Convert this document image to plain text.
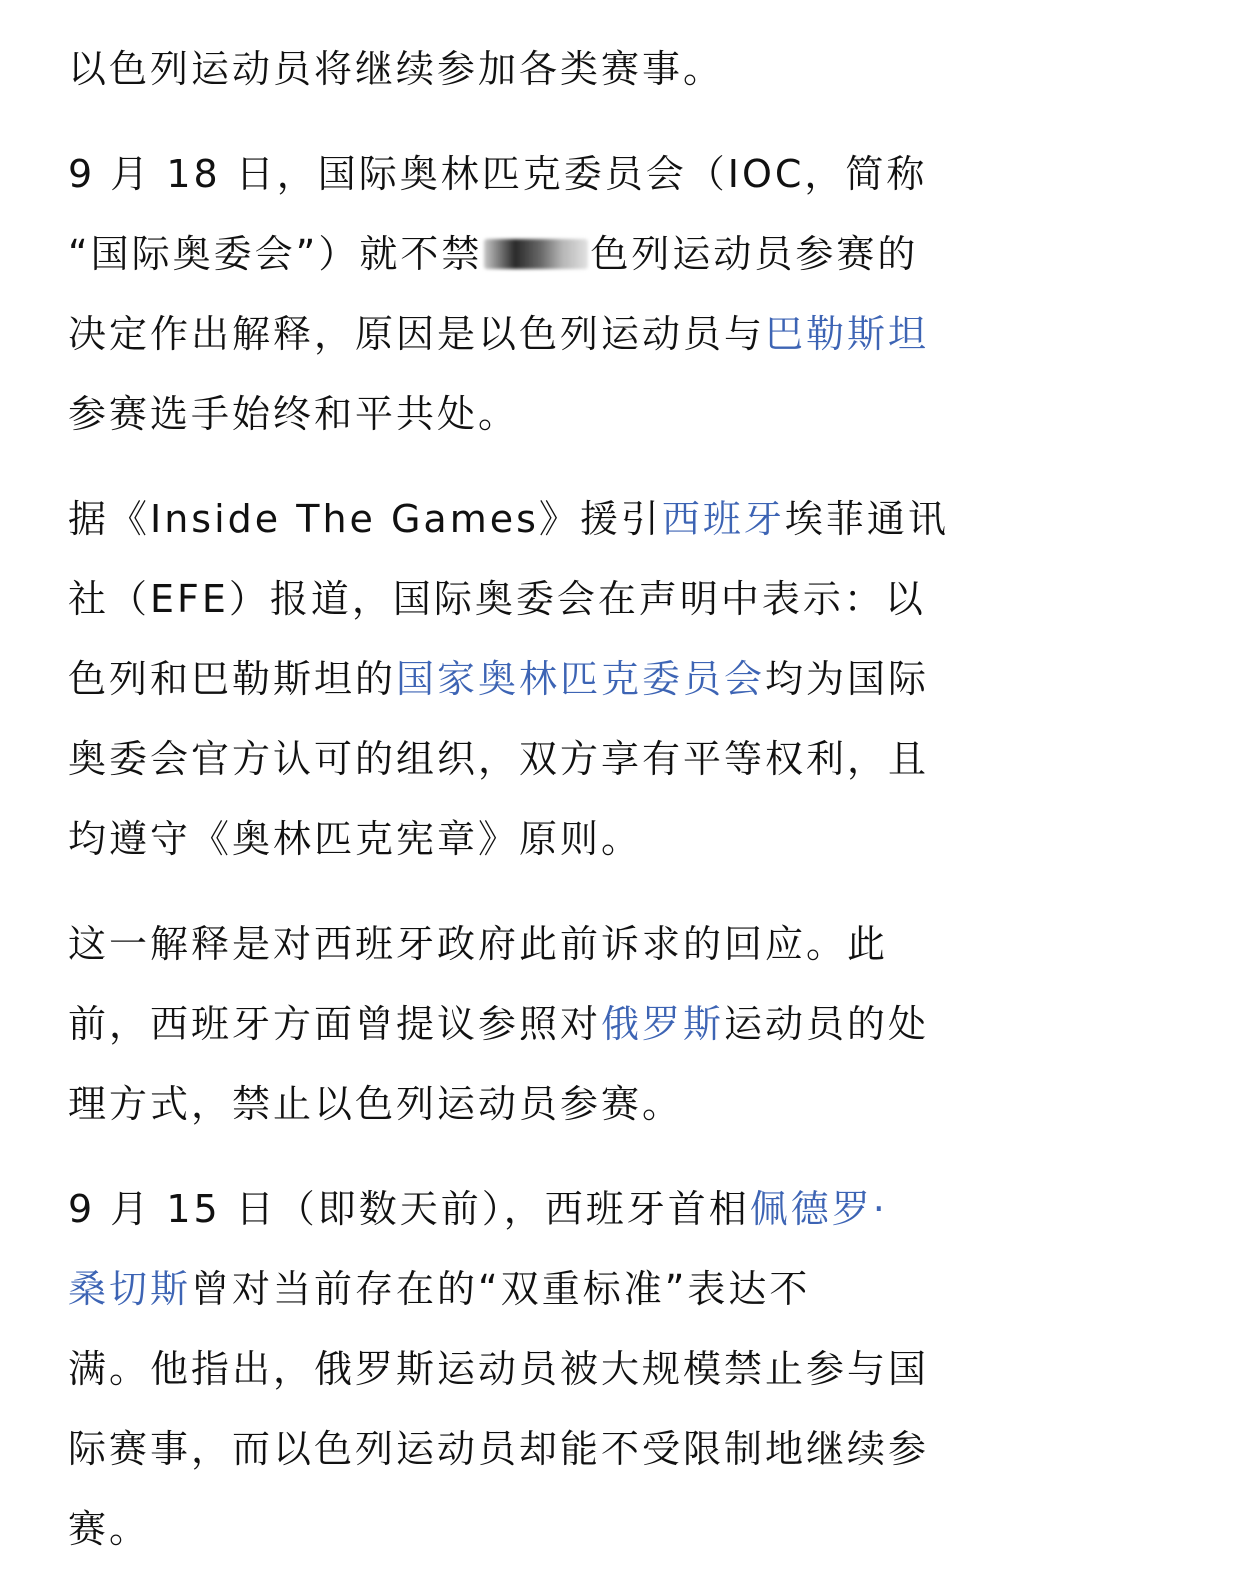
以色列运动员将继续参加各类赛事。
9 月 18 日，国际奥林匹克委员会（IOC，简称
“国际奥委会”）就不禁	色列运动员参赛的
决定作出解释，原因是以色列运动员与巴勒斯坦
参赛选手始终和平共处。
据《Inside The Games》援引西班牙埃菲通讯
社（EFE）报道，国际奥委会在声明中表示：以
色列和巴勒斯坦的国家奥林匹克委员会均为国际
奥委会官方认可的组织，双方享有平等权利，且
均遵守《奥林匹克宪章》原则。
这一解释是对西班牙政府此前诉求的回应。此
前，西班牙方面曾提议参照对俄罗斯运动员的处
理方式，禁止以色列运动员参赛。
9 月 15 日（即数天前），西班牙首相佩德罗·
桑切斯曾对当前存在的“双重标准”表达不
满。他指出，俄罗斯运动员被大规模禁止参与国
际赛事，而以色列运动员却能不受限制地继续参
赛。
